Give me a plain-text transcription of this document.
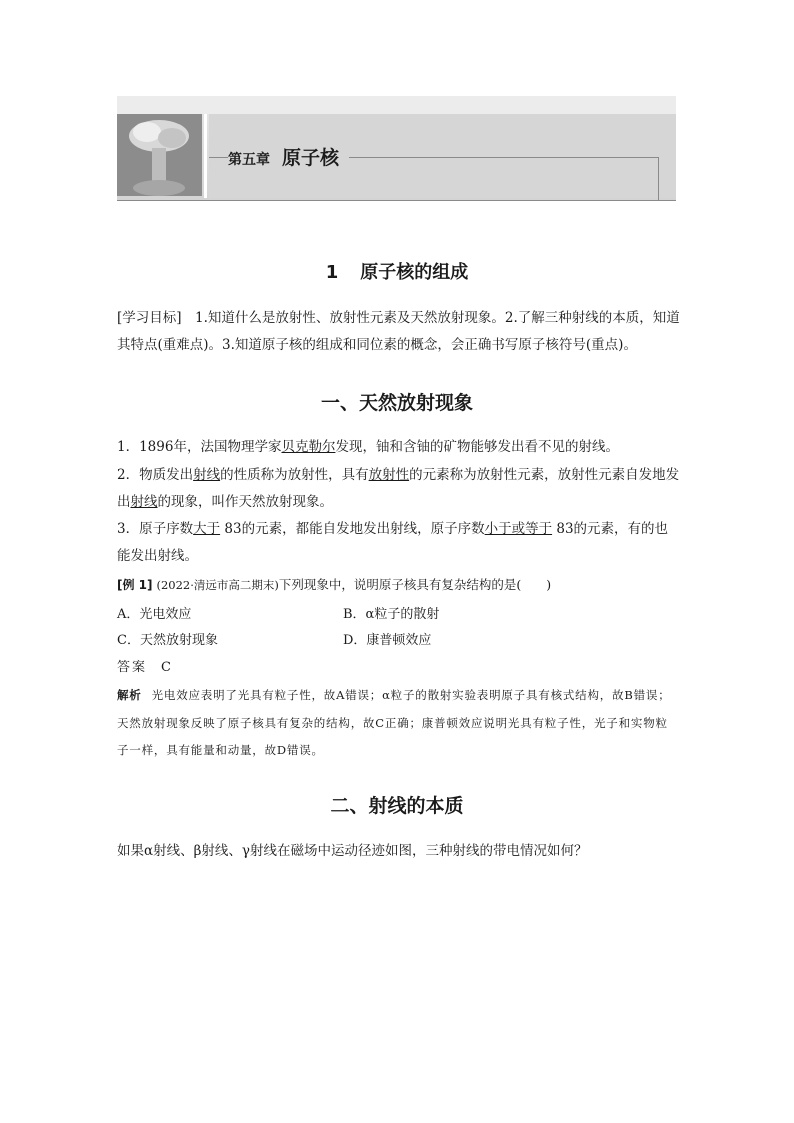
第五章 原子核
1 原子核的组成
[学习目标]  1.知道什么是放射性、放射性元素及天然放射现象。2.了解三种射线的本质，知道其特点(重难点)。3.知道原子核的组成和同位素的概念，会正确书写原子核符号(重点)。
一、天然放射现象
1．1896年，法国物理学家贝克勒尔发现，铀和含铀的矿物能够发出看不见的射线。
2．物质发出射线的性质称为放射性，具有放射性的元素称为放射性元素，放射性元素自发地发出射线的现象，叫作天然放射现象。
3．原子序数大于 83的元素，都能自发地发出射线，原子序数小于或等于 83的元素，有的也能发出射线。
[例 1] (2022·清远市高二期末)下列现象中，说明原子核具有复杂结构的是(　　)
A．光电效应	B．α粒子的散射
C．天然放射现象	D．康普顿效应
答案 C
解析 光电效应表明了光具有粒子性，故A错误；α粒子的散射实验表明原子具有核式结构，故B错误；天然放射现象反映了原子核具有复杂的结构，故C正确；康普顿效应说明光具有粒子性，光子和实物粒子一样，具有能量和动量，故D错误。
二、射线的本质
如果α射线、β射线、γ射线在磁场中运动径迹如图，三种射线的带电情况如何？
